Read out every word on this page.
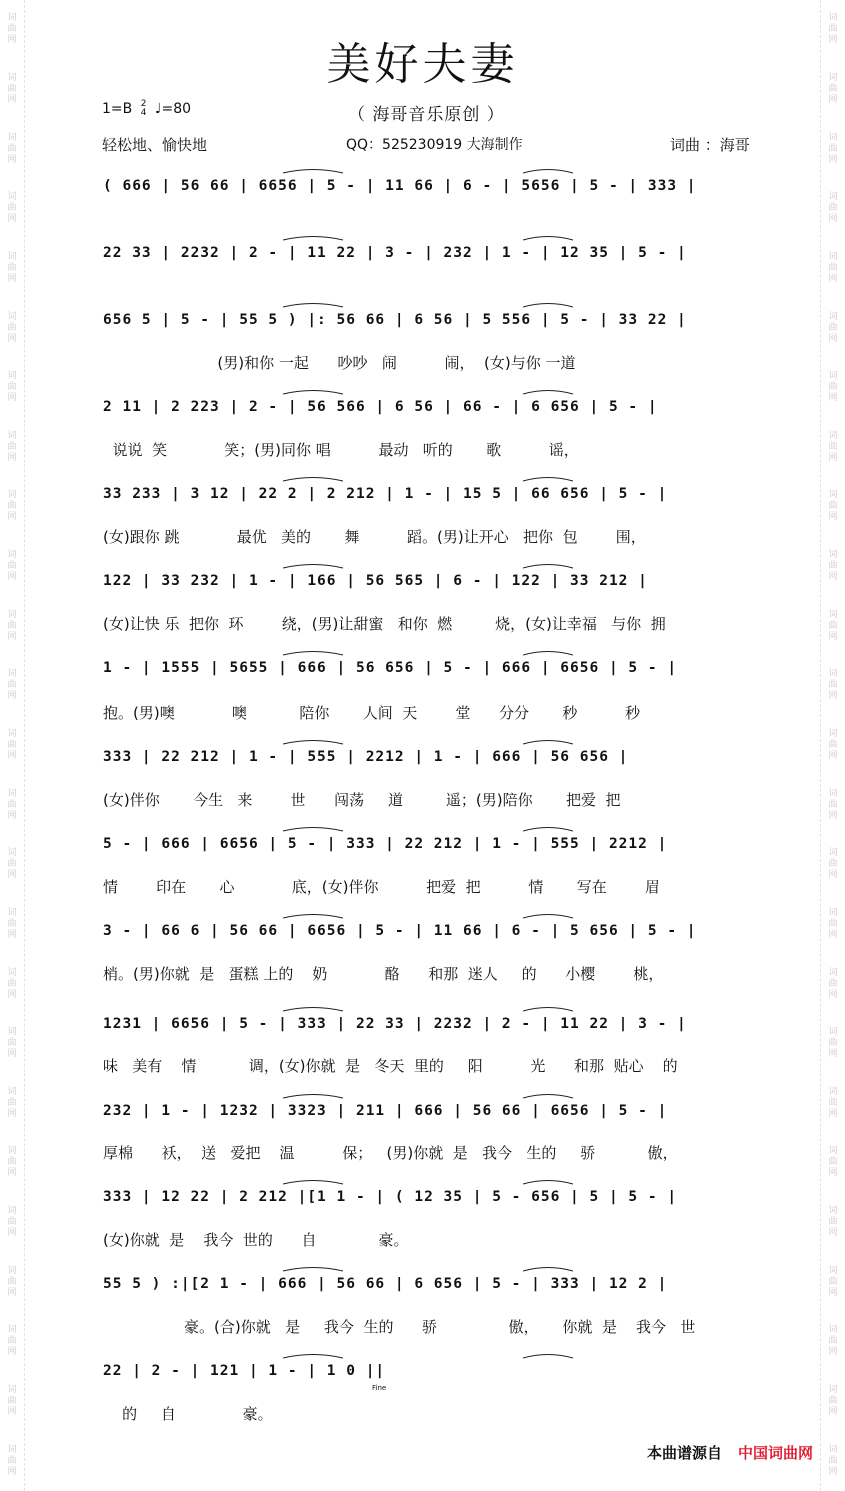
词
曲
网
词
曲
网
词
曲
网
词
曲
网
词
曲
网
词
曲
网
词
曲
网
词
曲
网
词
曲
网
词
曲
网
词
曲
网
词
曲
网
词
曲
网
词
曲
网
词
曲
网
词
曲
网
词
曲
网
词
曲
网
词
曲
网
词
曲
网
词
曲
网
词
曲
网
词
曲
网
词
曲
网
词
曲
网
词
曲
网
词
曲
网
词
曲
网
词
曲
网
词
曲
网
词
曲
网
词
曲
网
词
曲
网
词
曲
网
词
曲
网
词
曲
网
词
曲
网
词
曲
网
词
曲
网
词
曲
网
词
曲
网
词
曲
网
词
曲
网
词
曲
网
词
曲
网
词
曲
网
词
曲
网
词
曲
网
词
曲
网
词
曲
网
美好夫妻
1=B 2
4 ♩=80	（ 海哥音乐原创 ）
轻松地、愉快地	QQ：525230919 大海制作	词曲 ：海哥
( 666 | 56 66 | 6656 | 5 - | 11 66 | 6 - | 5656 | 5 - | 333 |
22 33 | 2232 | 2 - | 11 22 | 3 - | 232 | 1 - | 12 35 | 5 - |
656 5 | 5 - | 55 5 ) |: 56 66 | 6 56 | 5 556 | 5 - | 33 22 |
(男)和你 一起      吵吵   闹          闹，  (女)与你 一道
2 11 | 2 223 | 2 - | 56 566 | 6 56 | 66 - | 6 656 | 5 - |
说说  笑            笑；(男)同你 唱          最动   听的       歌          谣，
33 233 | 3 12 | 22 2 | 2 212 | 1 - | 15 5 | 66 656 | 5 - |
(女)跟你 跳            最优   美的       舞          蹈。(男)让开心   把你  包        围，
122 | 33 232 | 1 - | 166 | 56 565 | 6 - | 122 | 33 212 |
(女)让快 乐  把你  环        绕，(男)让甜蜜   和你  燃         烧，(女)让幸福   与你  拥
1 - | 1555 | 5655 | 666 | 56 656 | 5 - | 666 | 6656 | 5 - |
抱。(男)噢            噢           陪你       人间  天        堂      分分       秒          秒
333 | 22 212 | 1 - | 555 | 2212 | 1 - | 666 | 56 656 |
(女)伴你       今生   来        世      闯荡     道         遥；(男)陪你       把爱  把
5 - | 666 | 6656 | 5 - | 333 | 22 212 | 1 - | 555 | 2212 |
情        印在       心            底，(女)伴你          把爱  把          情       写在        眉
3 - | 66 6 | 56 66 | 6656 | 5 - | 11 66 | 6 - | 5 656 | 5 - |
梢。(男)你就  是   蛋糕 上的    奶            酪      和那  迷人     的      小樱        桃，
1231 | 6656 | 5 - | 333 | 22 33 | 2232 | 2 - | 11 22 | 3 - |
味   美有    情           调，(女)你就  是   冬天  里的     阳          光      和那  贴心    的
232 | 1 - | 1232 | 3323 | 211 | 666 | 56 66 | 6656 | 5 - |
厚棉      袄，  送   爱把    温          保；   (男)你就  是   我今   生的     骄           傲，
333 | 12 22 | 2 212 |[1 1 - | ( 12 35 | 5 - 656 | 5 | 5 - |
(女)你就  是    我今  世的      自             豪。
55 5 ) :|[2 1 - | 666 | 56 66 | 6 656 | 5 - | 333 | 12 2 |
豪。(合)你就   是     我今  生的      骄               傲，     你就  是    我今   世
22 | 2 - | 121 | 1 - | 1 0 ||
的     自              豪。
Fine
本曲谱源自 中国词曲网
